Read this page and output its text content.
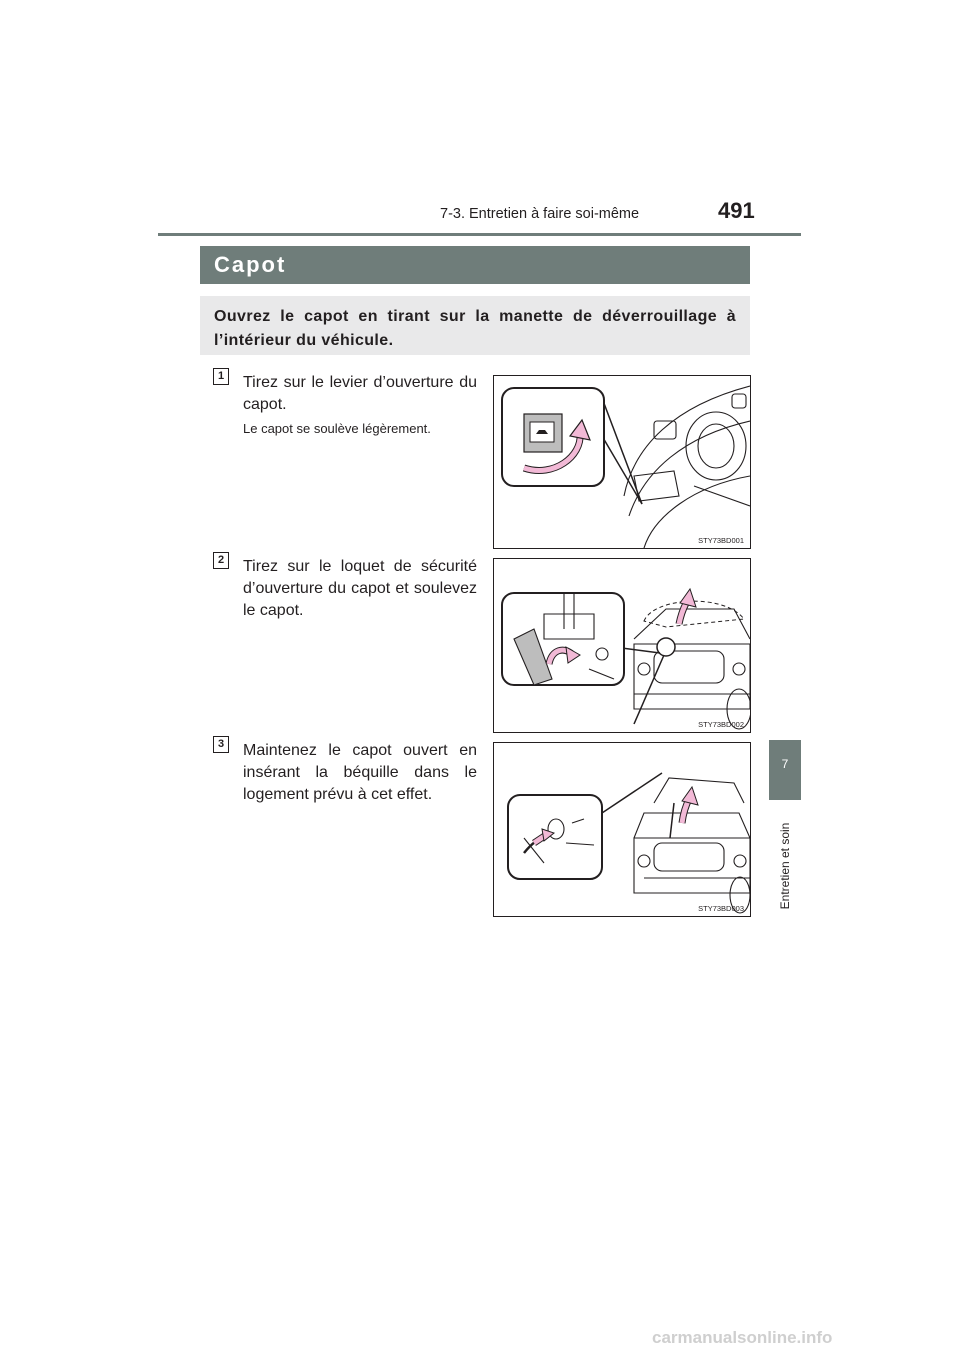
7-3. Entretien à faire soi-même	491
Capot
Ouvrez le capot en tirant sur la manette de déverrouillage à l’intérieur du véhicule.
1	Tirez sur le levier d’ouverture du capot.
Le capot se soulève légèrement.
STY73BD001
2	Tirez sur le loquet de sécurité d’ouverture du capot et soulevez le capot.
STY73BD002
3	Maintenez le capot ouvert en insérant la béquille dans le logement prévu à cet effet.
STY73BD003
7
Entretien et soin
carmanualsonline.info
